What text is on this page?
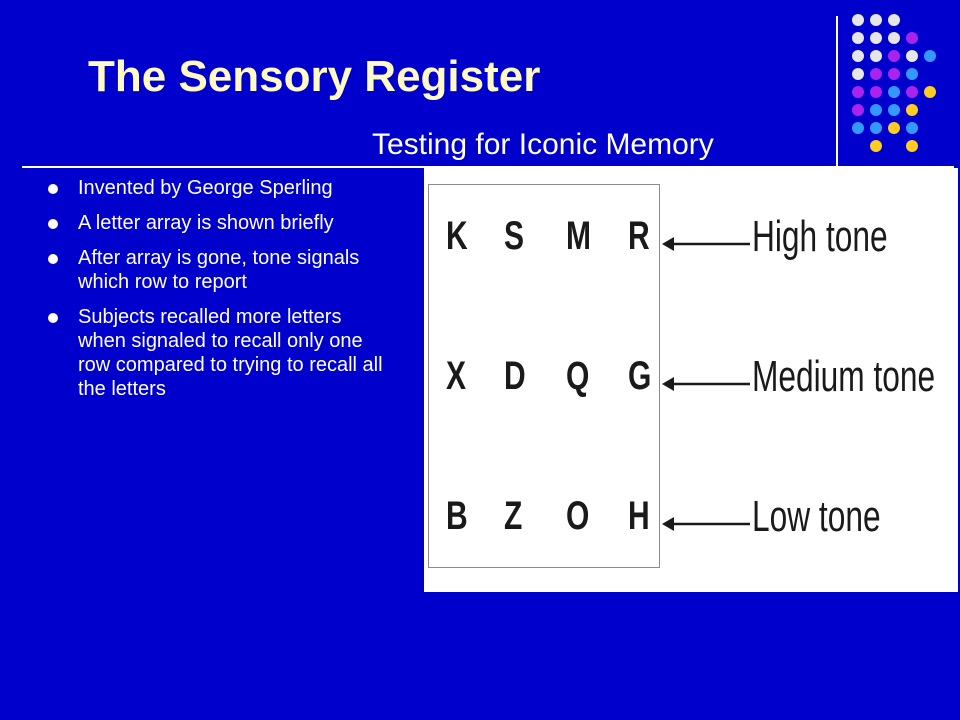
The Sensory Register
Testing for Iconic Memory
Invented by George Sperling
A letter array is shown briefly
After array is gone, tone signals which row to report
Subjects recalled more letters when signaled to recall only one row compared to trying to recall all the letters
K S M R High tone
X D Q G Medium tone
B Z O H Low tone
